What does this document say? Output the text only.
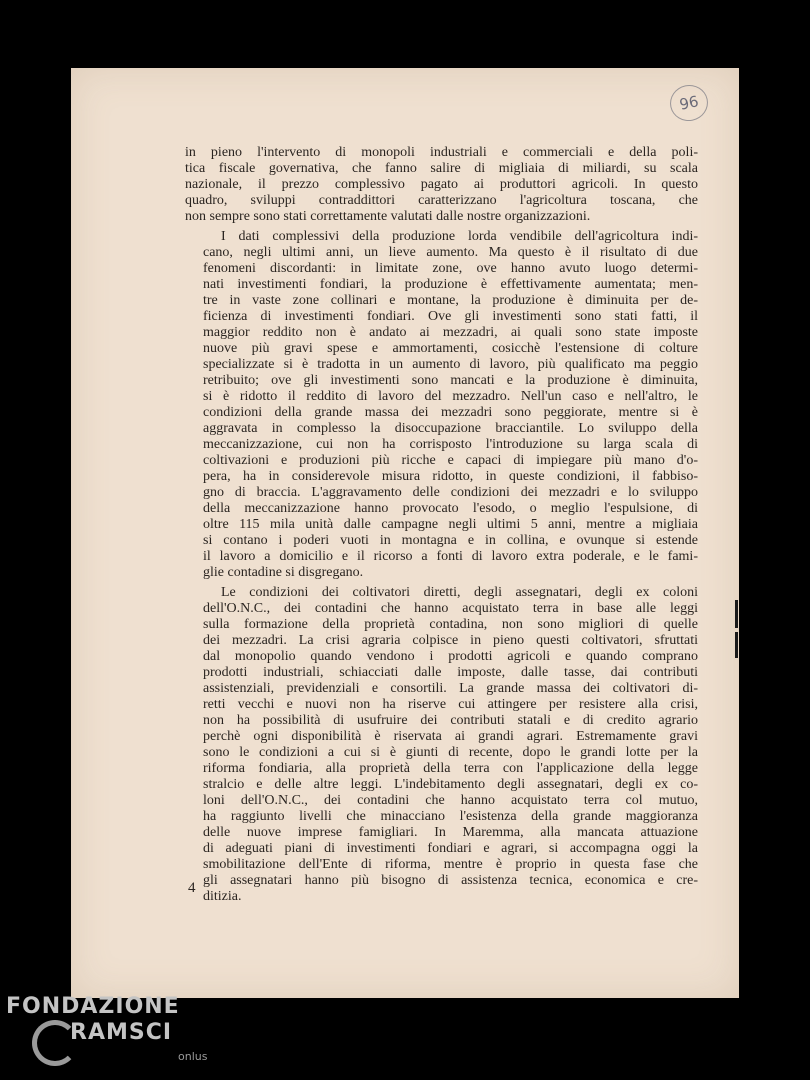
96

in pieno l'intervento di monopoli industriali e commerciali e della poli-
tica fiscale governativa, che fanno salire di migliaia di miliardi, su scala
nazionale, il prezzo complessivo pagato ai produttori agricoli. In questo
quadro, sviluppi contraddittori caratterizzano l'agricoltura toscana, che
non sempre sono stati correttamente valutati dalle nostre organizzazioni.

I dati complessivi della produzione lorda vendibile dell'agricoltura indi-
cano, negli ultimi anni, un lieve aumento. Ma questo è il risultato di due
fenomeni discordanti: in limitate zone, ove hanno avuto luogo determi-
nati investimenti fondiari, la produzione è effettivamente aumentata; men-
tre in vaste zone collinari e montane, la produzione è diminuita per de-
ficienza di investimenti fondiari. Ove gli investimenti sono stati fatti, il
maggior reddito non è andato ai mezzadri, ai quali sono state imposte
nuove più gravi spese e ammortamenti, cosicchè l'estensione di colture
specializzate si è tradotta in un aumento di lavoro, più qualificato ma peggio
retribuito; ove gli investimenti sono mancati e la produzione è diminuita,
si è ridotto il reddito di lavoro del mezzadro. Nell'un caso e nell'altro, le
condizioni della grande massa dei mezzadri sono peggiorate, mentre si è
aggravata in complesso la disoccupazione bracciantile. Lo sviluppo della
meccanizzazione, cui non ha corrisposto l'introduzione su larga scala di
coltivazioni e produzioni più ricche e capaci di impiegare più mano d'o-
pera, ha in considerevole misura ridotto, in queste condizioni, il fabbiso-
gno di braccia. L'aggravamento delle condizioni dei mezzadri e lo sviluppo
della meccanizzazione hanno provocato l'esodo, o meglio l'espulsione, di
oltre 115 mila unità dalle campagne negli ultimi 5 anni, mentre a migliaia
si contano i poderi vuoti in montagna e in collina, e ovunque si estende
il lavoro a domicilio e il ricorso a fonti di lavoro extra poderale, e le fami-
glie contadine si disgregano.

Le condizioni dei coltivatori diretti, degli assegnatari, degli ex coloni
dell'O.N.C., dei contadini che hanno acquistato terra in base alle leggi
sulla formazione della proprietà contadina, non sono migliori di quelle
dei mezzadri. La crisi agraria colpisce in pieno questi coltivatori, sfruttati
dal monopolio quando vendono i prodotti agricoli e quando comprano
prodotti industriali, schiacciati dalle imposte, dalle tasse, dai contributi
assistenziali, previdenziali e consortili. La grande massa dei coltivatori di-
retti vecchi e nuovi non ha riserve cui attingere per resistere alla crisi,
non ha possibilità di usufruire dei contributi statali e di credito agrario
perchè ogni disponibilità è riservata ai grandi agrari. Estremamente gravi
sono le condizioni a cui si è giunti di recente, dopo le grandi lotte per la
riforma fondiaria, alla proprietà della terra con l'applicazione della legge
stralcio e delle altre leggi. L'indebitamento degli assegnatari, degli ex co-
loni dell'O.N.C., dei contadini che hanno acquistato terra col mutuo,
ha raggiunto livelli che minacciano l'esistenza della grande maggioranza
delle nuove imprese famigliari. In Maremma, alla mancata attuazione
di adeguati piani di investimenti fondiari e agrari, si accompagna oggi la
smobilitazione dell'Ente di riforma, mentre è proprio in questa fase che
gli assegnatari hanno più bisogno di assistenza tecnica, economica e cre-
ditizia.

4
FONDAZIONE
RAMSCI
onlus
